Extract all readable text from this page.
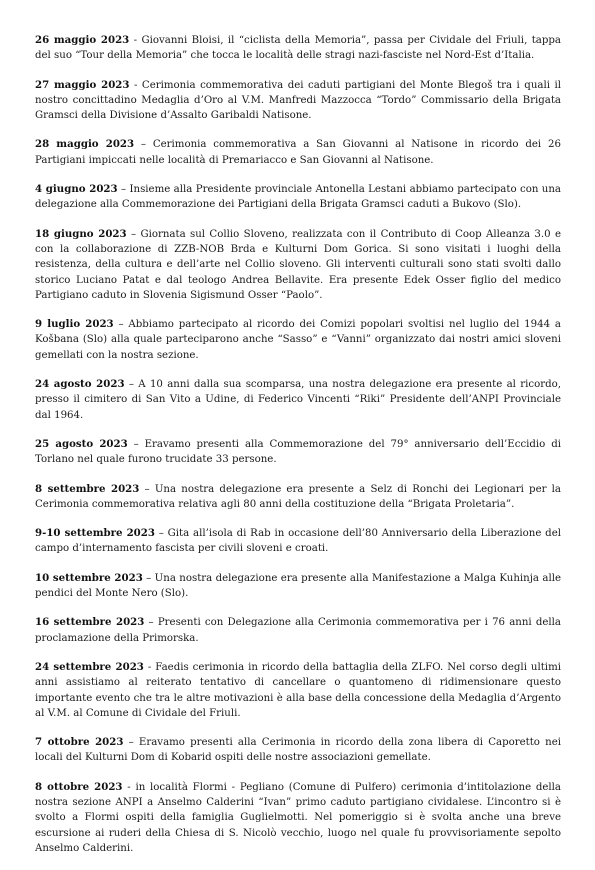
26 maggio 2023 - Giovanni Bloisi, il “ciclista della Memoria”, passa per Cividale del Friuli, tappa del suo “Tour della Memoria” che tocca le località delle stragi nazi-fasciste nel Nord-Est d’Italia.

27 maggio 2023 - Cerimonia commemorativa dei caduti partigiani del Monte Blegoš tra i quali il nostro concittadino Medaglia d’Oro al V.M. Manfredi Mazzocca “Tordo” Commissario della Brigata Gramsci della Divisione d’Assalto Garibaldi Natisone.

28 maggio 2023 – Cerimonia commemorativa a San Giovanni al Natisone in ricordo dei 26 Partigiani impiccati nelle località di Premariacco e San Giovanni al Natisone.

4 giugno 2023 – Insieme alla Presidente provinciale Antonella Lestani abbiamo partecipato con una delegazione alla Commemorazione dei Partigiani della Brigata Gramsci caduti a Bukovo (Slo).

18 giugno 2023 – Giornata sul Collio Sloveno, realizzata con il Contributo di Coop Alleanza 3.0 e con la collaborazione di ZZB-NOB Brda e Kulturni Dom Gorica. Si sono visitati i luoghi della resistenza, della cultura e dell’arte nel Collio sloveno. Gli interventi culturali sono stati svolti dallo storico Luciano Patat e dal teologo Andrea Bellavite. Era presente Edek Osser figlio del medico Partigiano caduto in Slovenia Sigismund Osser “Paolo”.

9 luglio 2023 – Abbiamo partecipato al ricordo dei Comizi popolari svoltisi nel luglio del 1944 a Košbana (Slo) alla quale parteciparono anche “Sasso” e “Vanni” organizzato dai nostri amici sloveni gemellati con la nostra sezione.

24 agosto 2023 – A 10 anni dalla sua scomparsa, una nostra delegazione era presente al ricordo, presso il cimitero di San Vito a Udine, di Federico Vincenti “Riki” Presidente dell’ANPI Provinciale dal 1964.

25 agosto 2023 – Eravamo presenti alla Commemorazione del 79° anniversario dell’Eccidio di Torlano nel quale furono trucidate 33 persone.

8 settembre 2023 – Una nostra delegazione era presente a Selz di Ronchi dei Legionari per la Cerimonia commemorativa relativa agli 80 anni della costituzione della “Brigata Proletaria”.

9-10 settembre 2023 – Gita all’isola di Rab in occasione dell’80 Anniversario della Liberazione del campo d’internamento fascista per civili sloveni e croati.

10 settembre 2023 – Una nostra delegazione era presente alla Manifestazione a Malga Kuhinja alle pendici del Monte Nero (Slo).

16 settembre 2023 – Presenti con Delegazione alla Cerimonia commemorativa per i 76 anni della proclamazione della Primorska.

24 settembre 2023 - Faedis cerimonia in ricordo della battaglia della ZLFO. Nel corso degli ultimi anni assistiamo al reiterato tentativo di cancellare o quantomeno di ridimensionare questo importante evento che tra le altre motivazioni è alla base della concessione della Medaglia d’Argento al V.M. al Comune di Cividale del Friuli.

7 ottobre 2023 – Eravamo presenti alla Cerimonia in ricordo della zona libera di Caporetto nei locali del Kulturni Dom di Kobarid ospiti delle nostre associazioni gemellate.

8 ottobre 2023 - in località Flormi - Pegliano (Comune di Pulfero) cerimonia d’intitolazione della nostra sezione ANPI a Anselmo Calderini “Ivan” primo caduto partigiano cividalese. L’incontro si è svolto a Flormi ospiti della famiglia Guglielmotti. Nel pomeriggio si è svolta anche una breve escursione ai ruderi della Chiesa di S. Nicolò vecchio, luogo nel quale fu provvisoriamente sepolto Anselmo Calderini.
